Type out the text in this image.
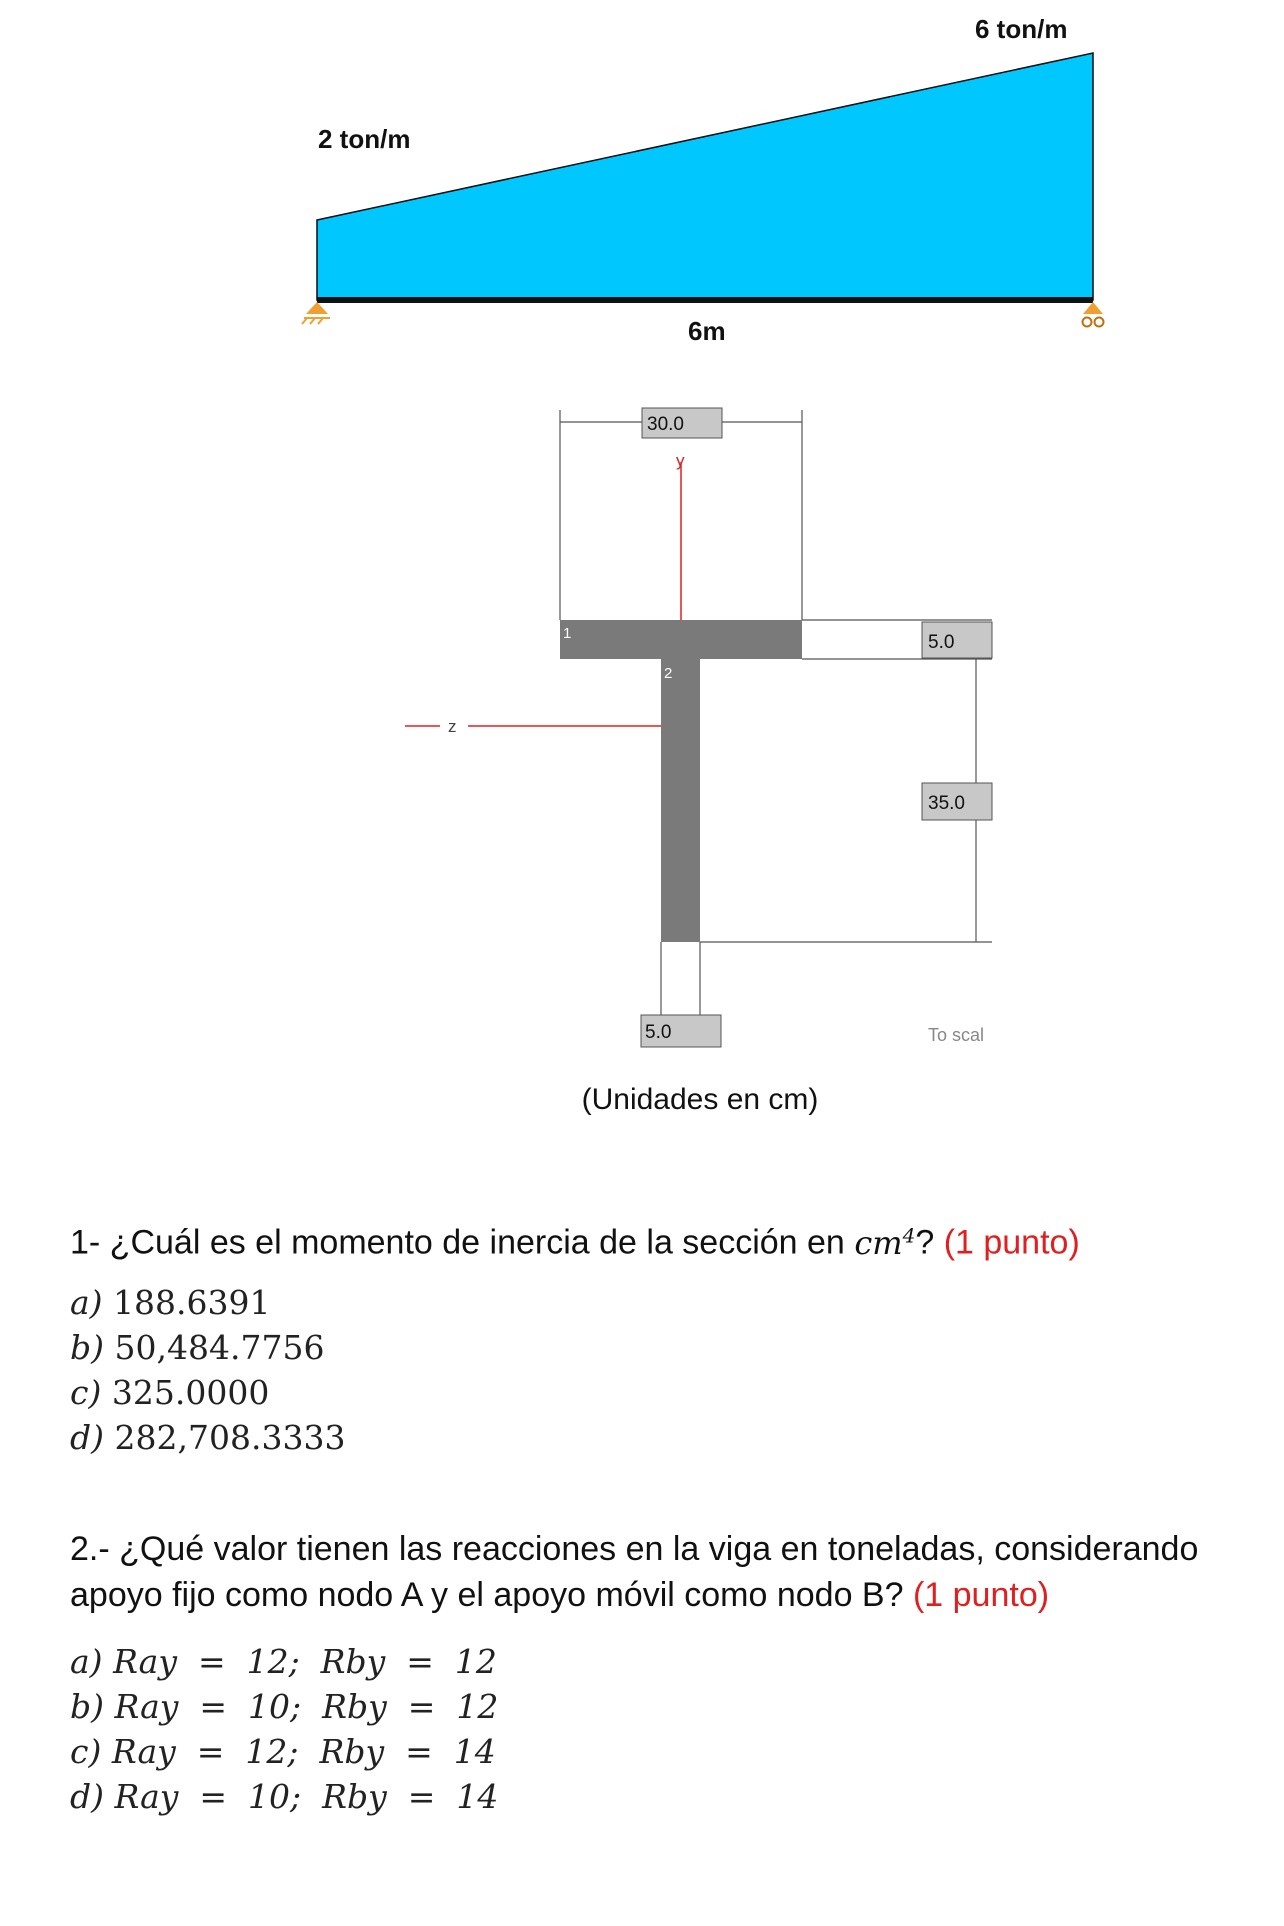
2 ton/m
6 ton/m
6m
y
z
1
2
30.0
5.0
35.0
5.0	To scal
(Unidades en cm)
1- ¿Cuál es el momento de inercia de la sección en $cm^4$? (1 punto)
a) 188.6391
b) 50,484.7756
c) 325.0000
d) 282,708.3333
2.- ¿Qué valor tienen las reacciones en la viga en toneladas, considerando
apoyo fijo como nodo A y el apoyo móvil como nodo B? (1 punto)
a) Ray  =  12;  Rby  =  12
b) Ray  =  10;  Rby  =  12
c) Ray  =  12;  Rby  =  14
d) Ray  =  10;  Rby  =  14
